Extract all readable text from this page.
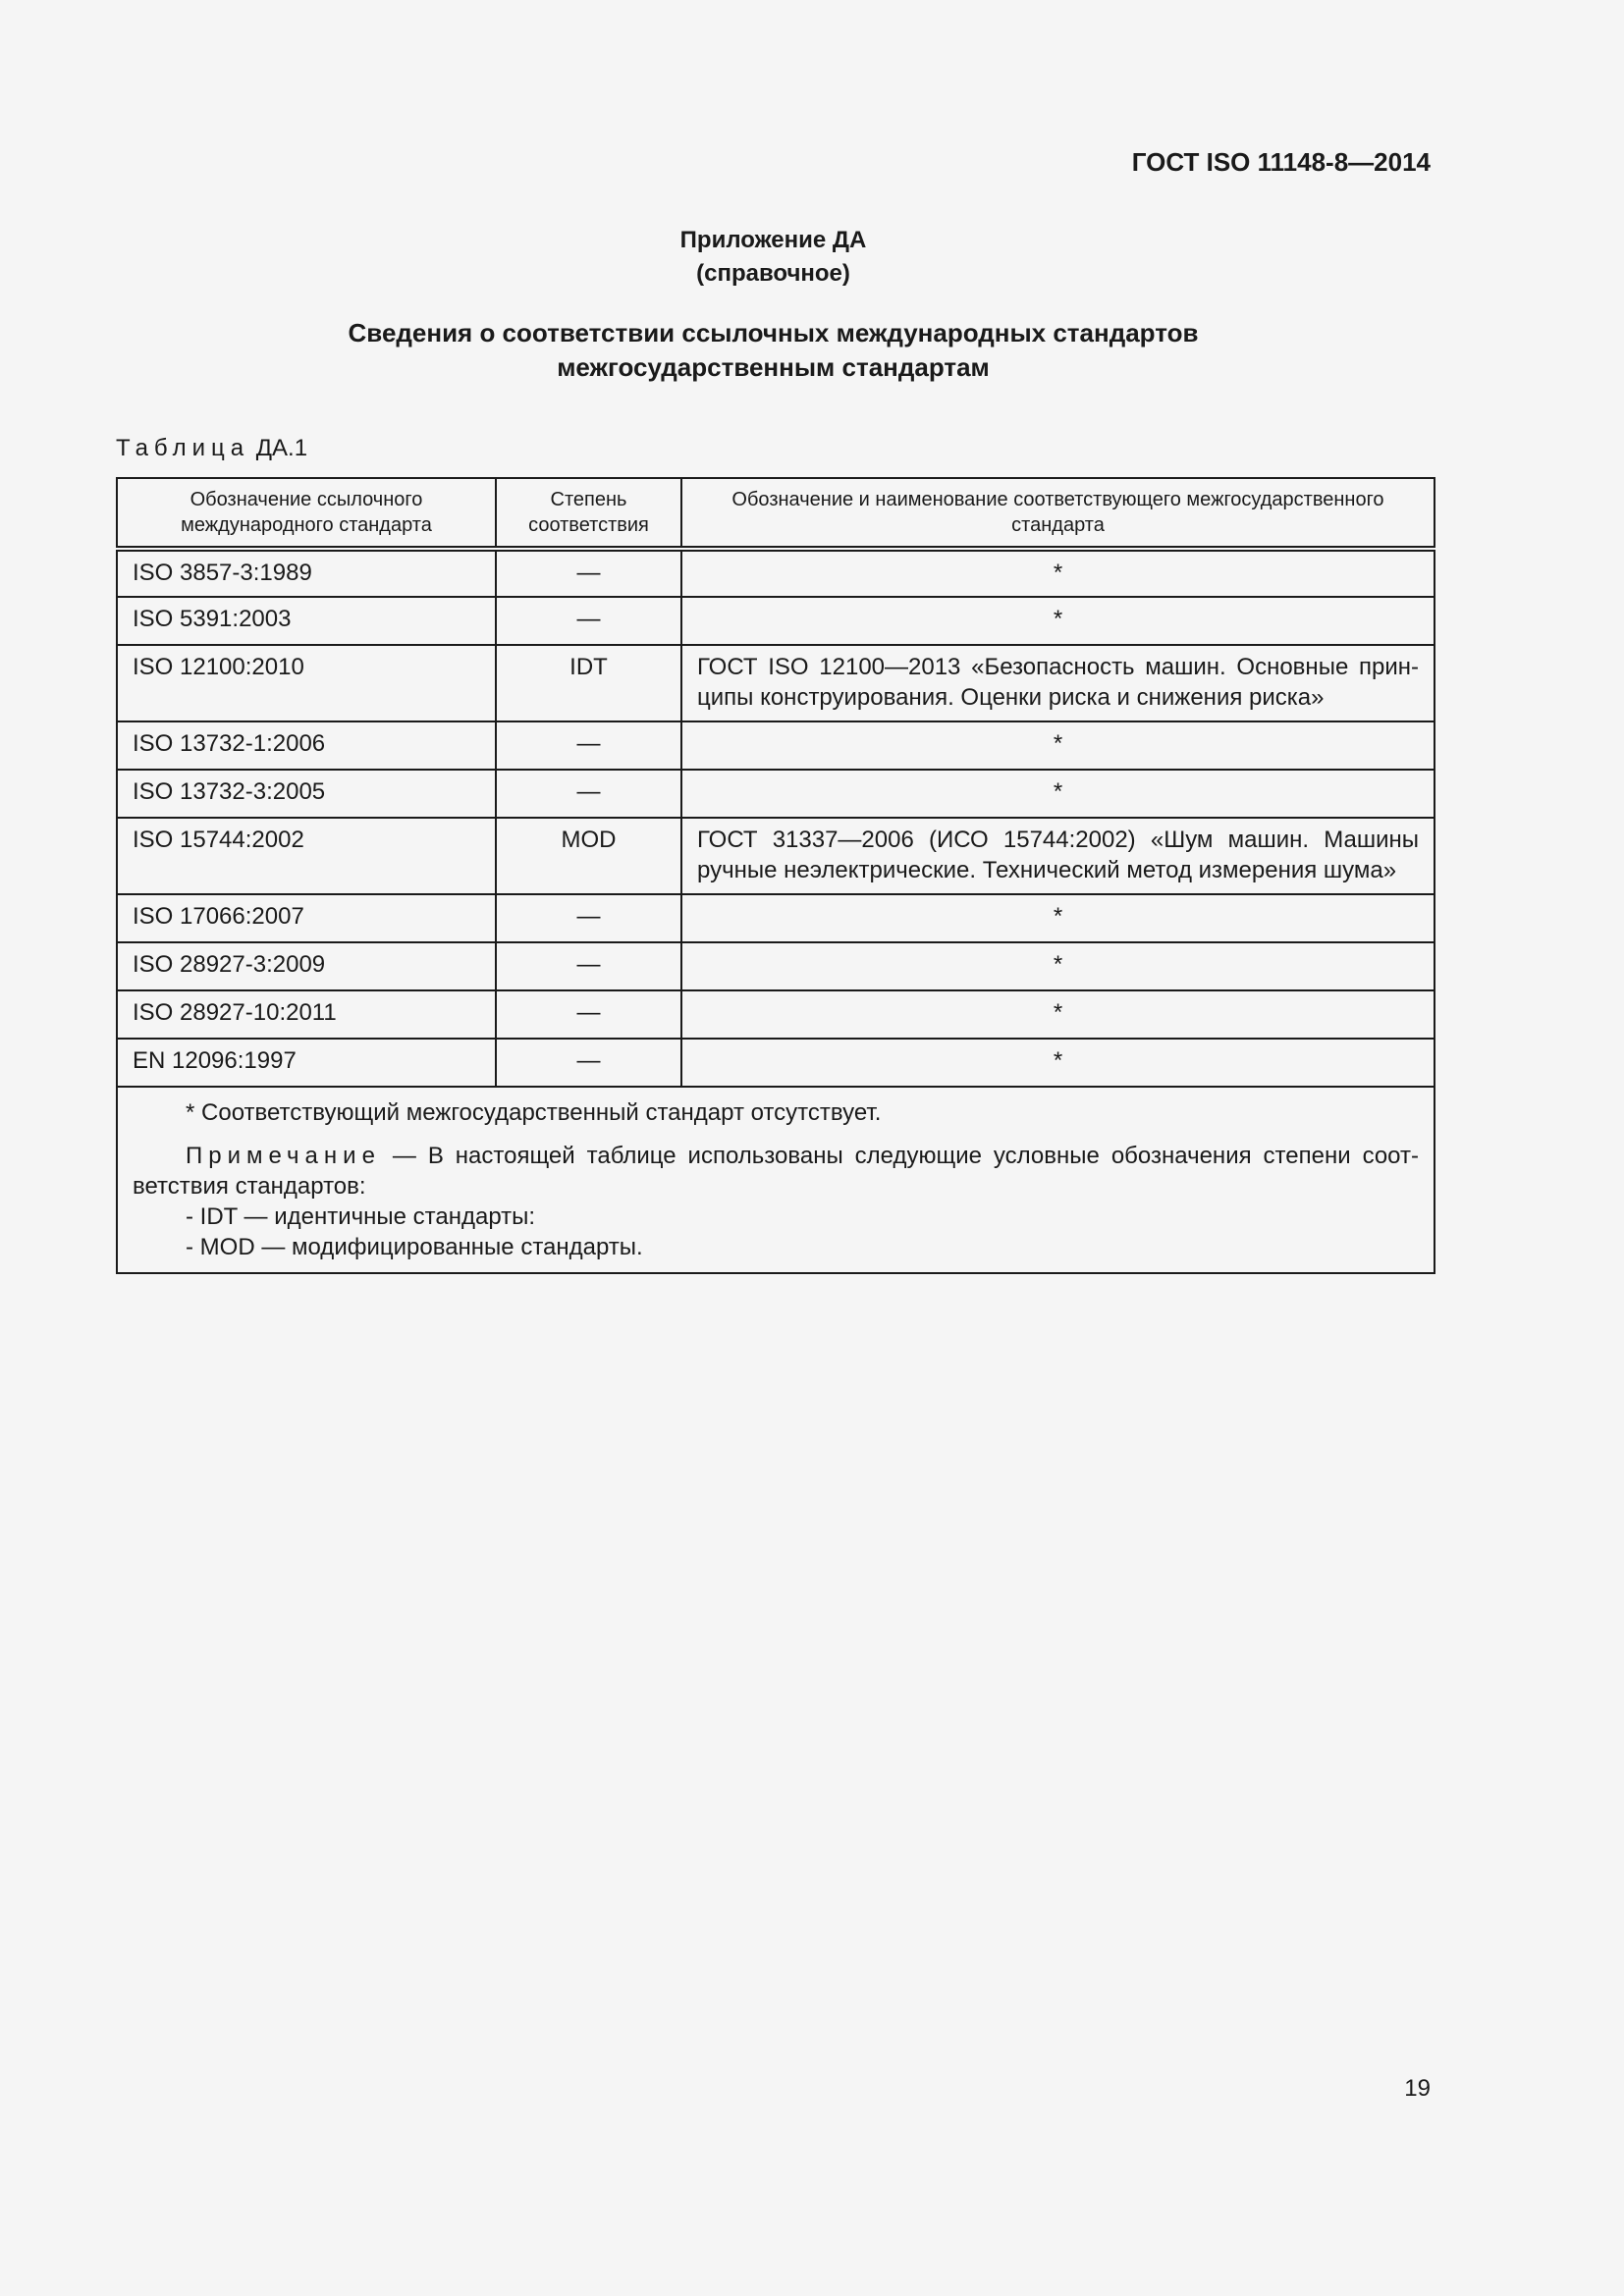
ГОСТ ISO 11148-8—2014
Приложение ДА
(справочное)
Сведения о соответствии ссылочных международных стандартов
межгосударственным стандартам
Таблица ДА.1
Обозначение ссылочного международного стандарта	Степень соответствия	Обозначение и наименование соответствующего межгосударственного стандарта
ISO 3857-3:1989	—	*
ISO 5391:2003	—	*
ISO 12100:2010	IDT	ГОСТ ISO 12100—2013 «Безопасность машин. Основные прин-ципы конструирования. Оценки риска и снижения риска»
ISO 13732-1:2006	—	*
ISO 13732-3:2005	—	*
ISO 15744:2002	MOD	ГОСТ 31337—2006 (ИСО 15744:2002) «Шум машин. Машины ручные неэлектрические. Технический метод измерения шума»
ISO 17066:2007	—	*
ISO 28927-3:2009	—	*
ISO 28927-10:2011	—	*
EN 12096:1997	—	*

* Соответствующий межгосударственный стандарт отсутствует.
Примечание — В настоящей таблице использованы следующие условные обозначения степени соот-ветствия стандартов:
- IDT — идентичные стандарты:
- MOD — модифицированные стандарты.		
19
